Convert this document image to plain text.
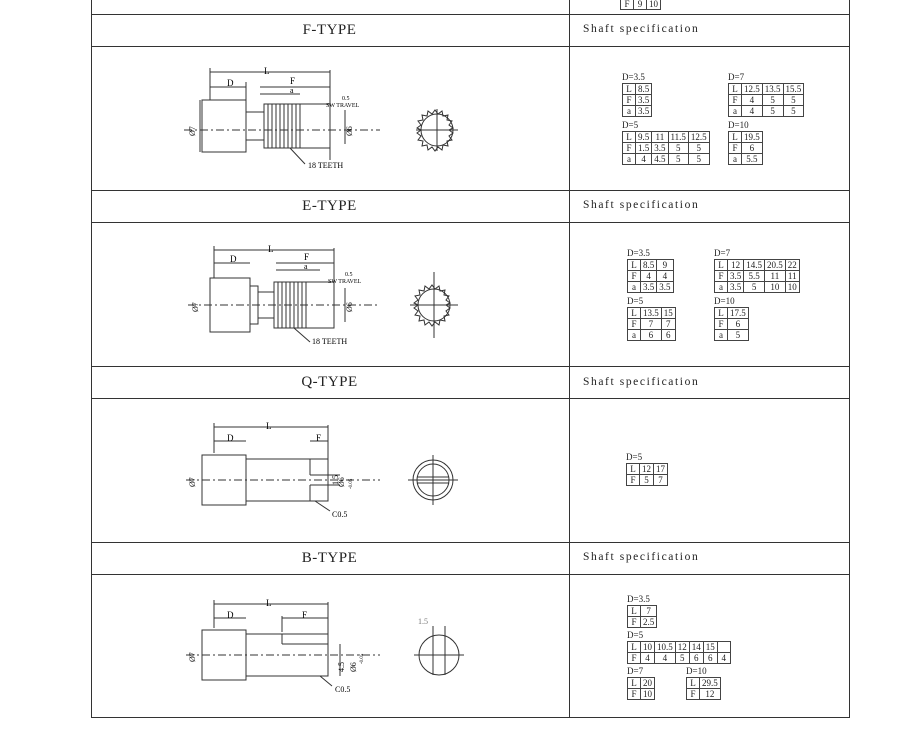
F	9	10
F-TYPE
E-TYPE
Q-TYPE
B-TYPE
Shaft specification
Shaft specification
Shaft specification
Shaft specification
L
D	F
a
0.5
SW TRAVEL
Ø7	Ø6
18 TEETH
D=3.5
L	8.5
F	3.5
a	3.5
D=7
L	12.5	13.5	15.5
F	4	5	5
a	4	5	5
D=5
L	9.5	11	11.5	12.5
F	1.5	3.5	5	5
a	4	4.5	5	5
D=10
L	19.5
F	6
a	5.5
L
D	F
a
0.5
SW TRAVEL
Ø7	Ø6
18 TEETH
D=3.5
L	8.5	9
F	4	4
a	3.5	3.5
D=7
L	12	14.5	20.5	22
F	3.5	5.5	11	11
a	3.5	5	10	10
D=5
L	13.5	15
F	7	7
a	6	6
D=10
L	17.5
F	6
a	5
L
D	F
Ø7	Ø6 -0.05
1.5
C0.5
D=5
L	12	17
F	5	7
L
D	F
Ø7
4.5 Ø6
-0.05
C0.5
1.5
D=3.5
L	7
F	2.5
D=5
L	10	10.5	12	14	15	
F	4	4	5	6	6	4
D=7
L	20
F	10
D=10
L	29.5
F	12
